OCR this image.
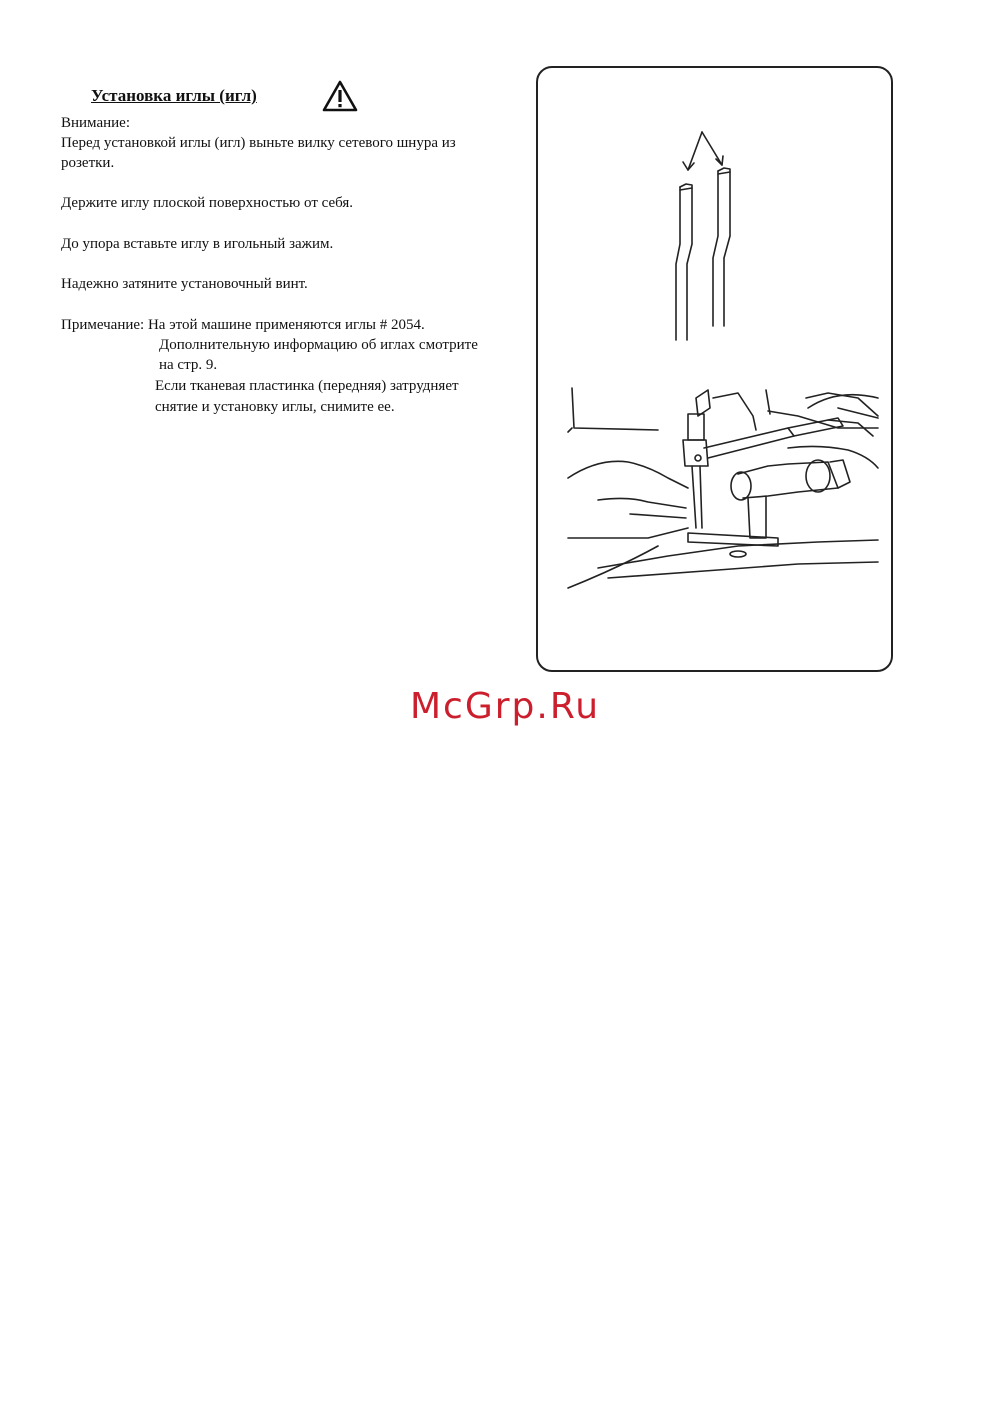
Установка иглы (игл)
Внимание:
Перед установкой иглы (игл) выньте вилку сетевого шнура из
розетки.
Держите иглу плоской поверхностью от себя.
До упора вставьте иглу в игольный зажим.
Надежно затяните установочный винт.
Примечание: На этой машине применяются иглы # 2054.
Дополнительную информацию об иглах смотрите
на стр. 9.
Если тканевая пластинка (передняя) затрудняет
снятие и установку иглы, снимите ее.
McGrp.Ru
